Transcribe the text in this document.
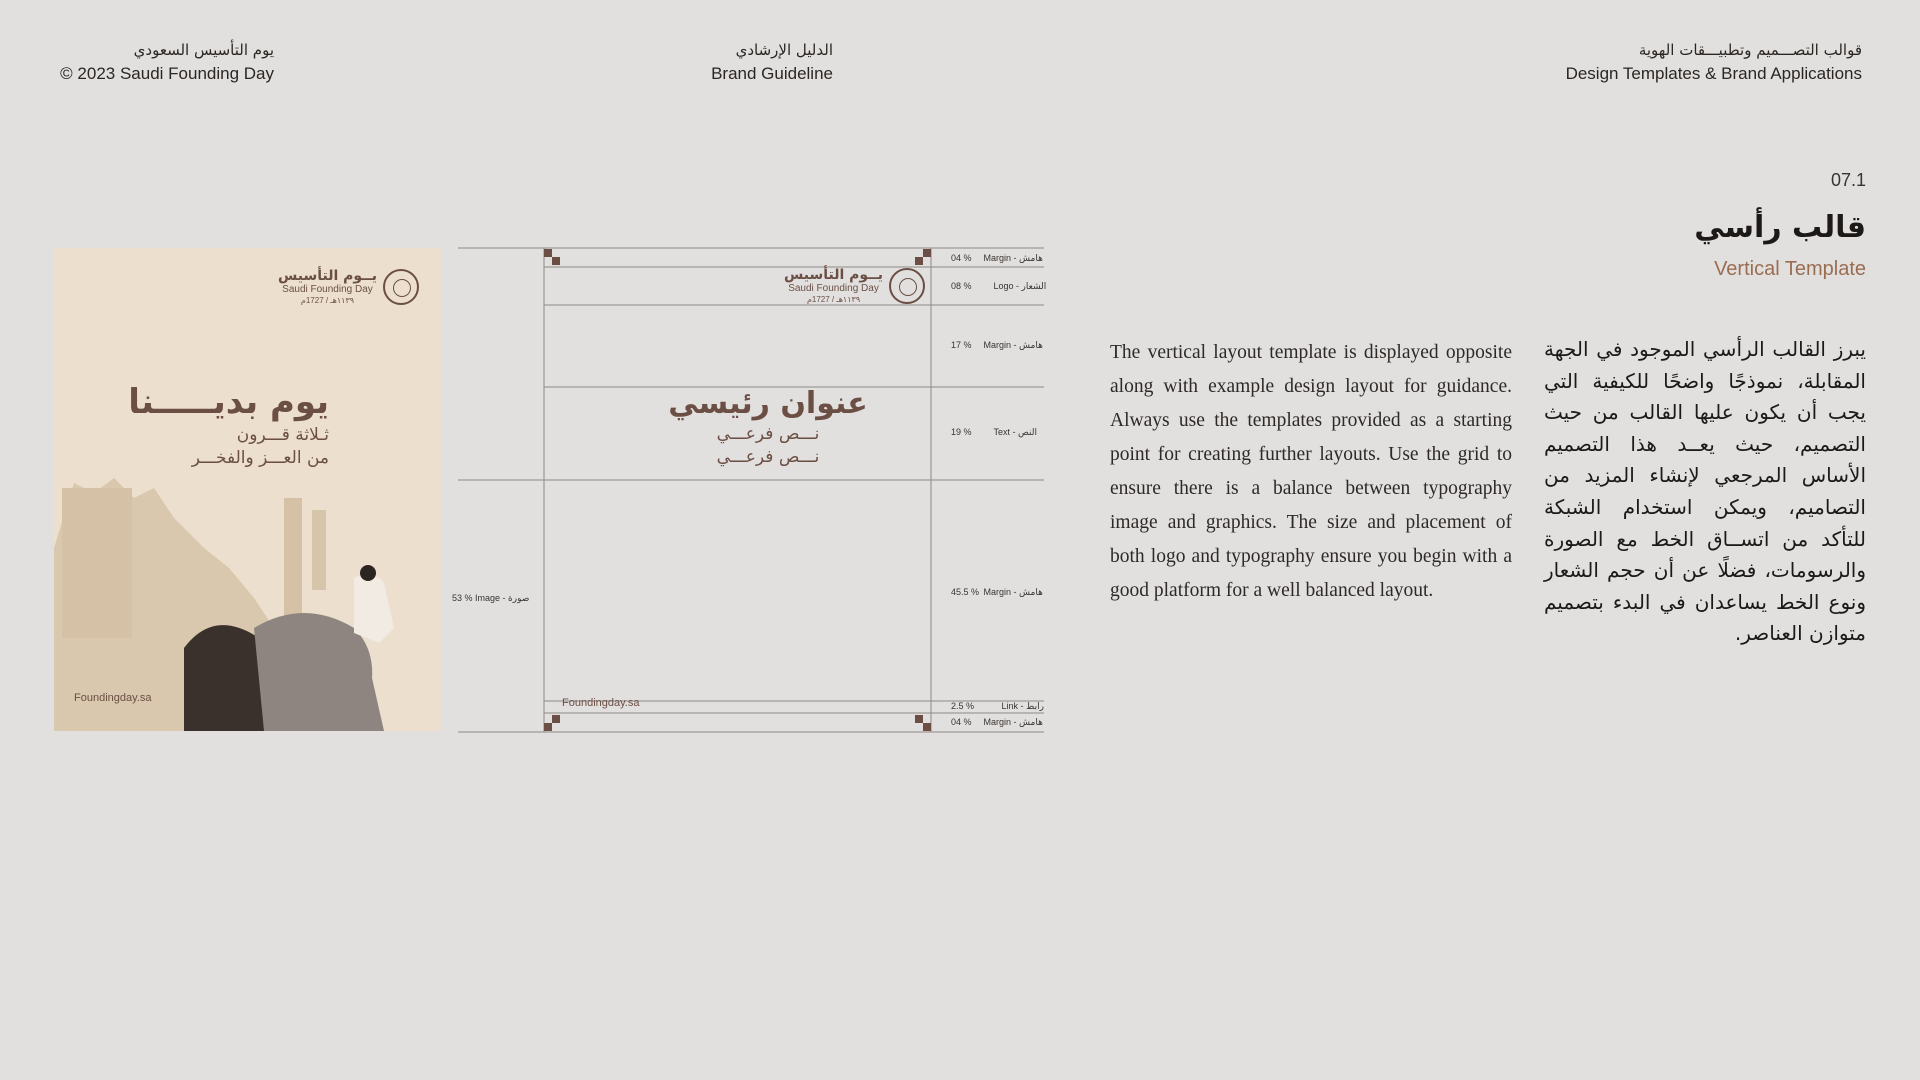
يوم التأسيس السعودي
© 2023 Saudi Founding Day
الدليل الإرشادي
Brand Guideline
قوالب التصـــميم وتطبيـــقات الهوية
Design Templates & Brand Applications
07.1
قالب رأسي
Vertical Template
The vertical layout template is displayed opposite along with example design layout for guidance. Always use the templates provided as a starting point for creating further layouts. Use the grid to ensure there is a balance between typography image and graphics. The size and placement of both logo and typography ensure you begin with a good platform for a well balanced layout.
يبرز القالب الرأسي الموجود في الجهة المقابلة، نموذجًا واضحًا للكيفية التي يجب أن يكون عليها القالب من حيث التصميم، حيث يعــد هذا التصميم الأساس المرجعي لإنشاء المزيد من التصاميم، ويمكن استخدام الشبكة للتأكد من اتســاق الخط مع الصورة والرسومات، فضلًا عن أن حجم الشعار ونوع الخط يساعدان في البدء بتصميم متوازن العناصر.
يــوم التأسيس
Saudi Founding Day
١١٣٩هـ / 1727م
يوم بديـــــنا
ثـلاثة قـــرون
من العـــز والفخـــر
Foundingday.sa
يــوم التأسيس
Saudi Founding Day
١١٣٩هـ / 1727م
عنوان رئيسي
نـــص فرعـــي
نـــص فرعـــي
Foundingday.sa
04 % Margin - هامش
08 % Logo - الشعار
17 % Margin - هامش
19 % Text - النص
45.5 % Margin - هامش
2.5 %	Link - رابط
04 % Margin - هامش
53 % Image - صورة
